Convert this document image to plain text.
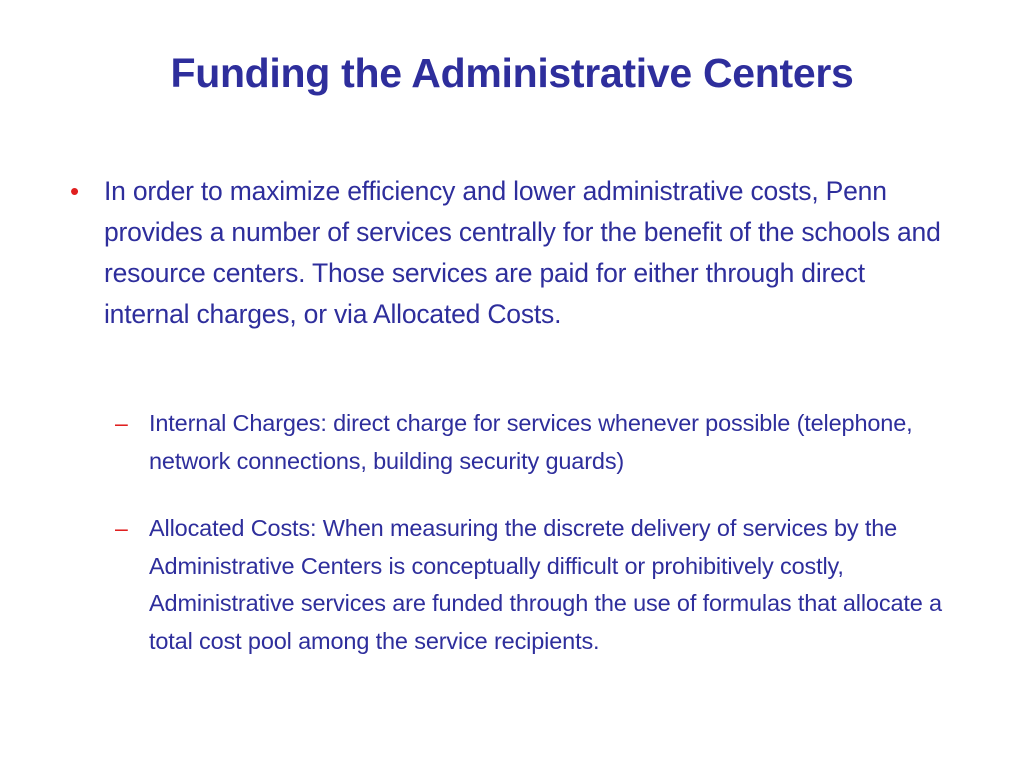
Funding the Administrative Centers
• In order to maximize efficiency and lower administrative costs, Penn provides a number of services centrally for the benefit of the schools and resource centers. Those services are paid for either through direct internal charges, or via Allocated Costs.
– Internal Charges: direct charge for services whenever possible (telephone, network connections, building security guards)
– Allocated Costs: When measuring the discrete delivery of services by the Administrative Centers is conceptually difficult or prohibitively costly, Administrative services are funded through the use of formulas that allocate a total cost pool among the service recipients.
